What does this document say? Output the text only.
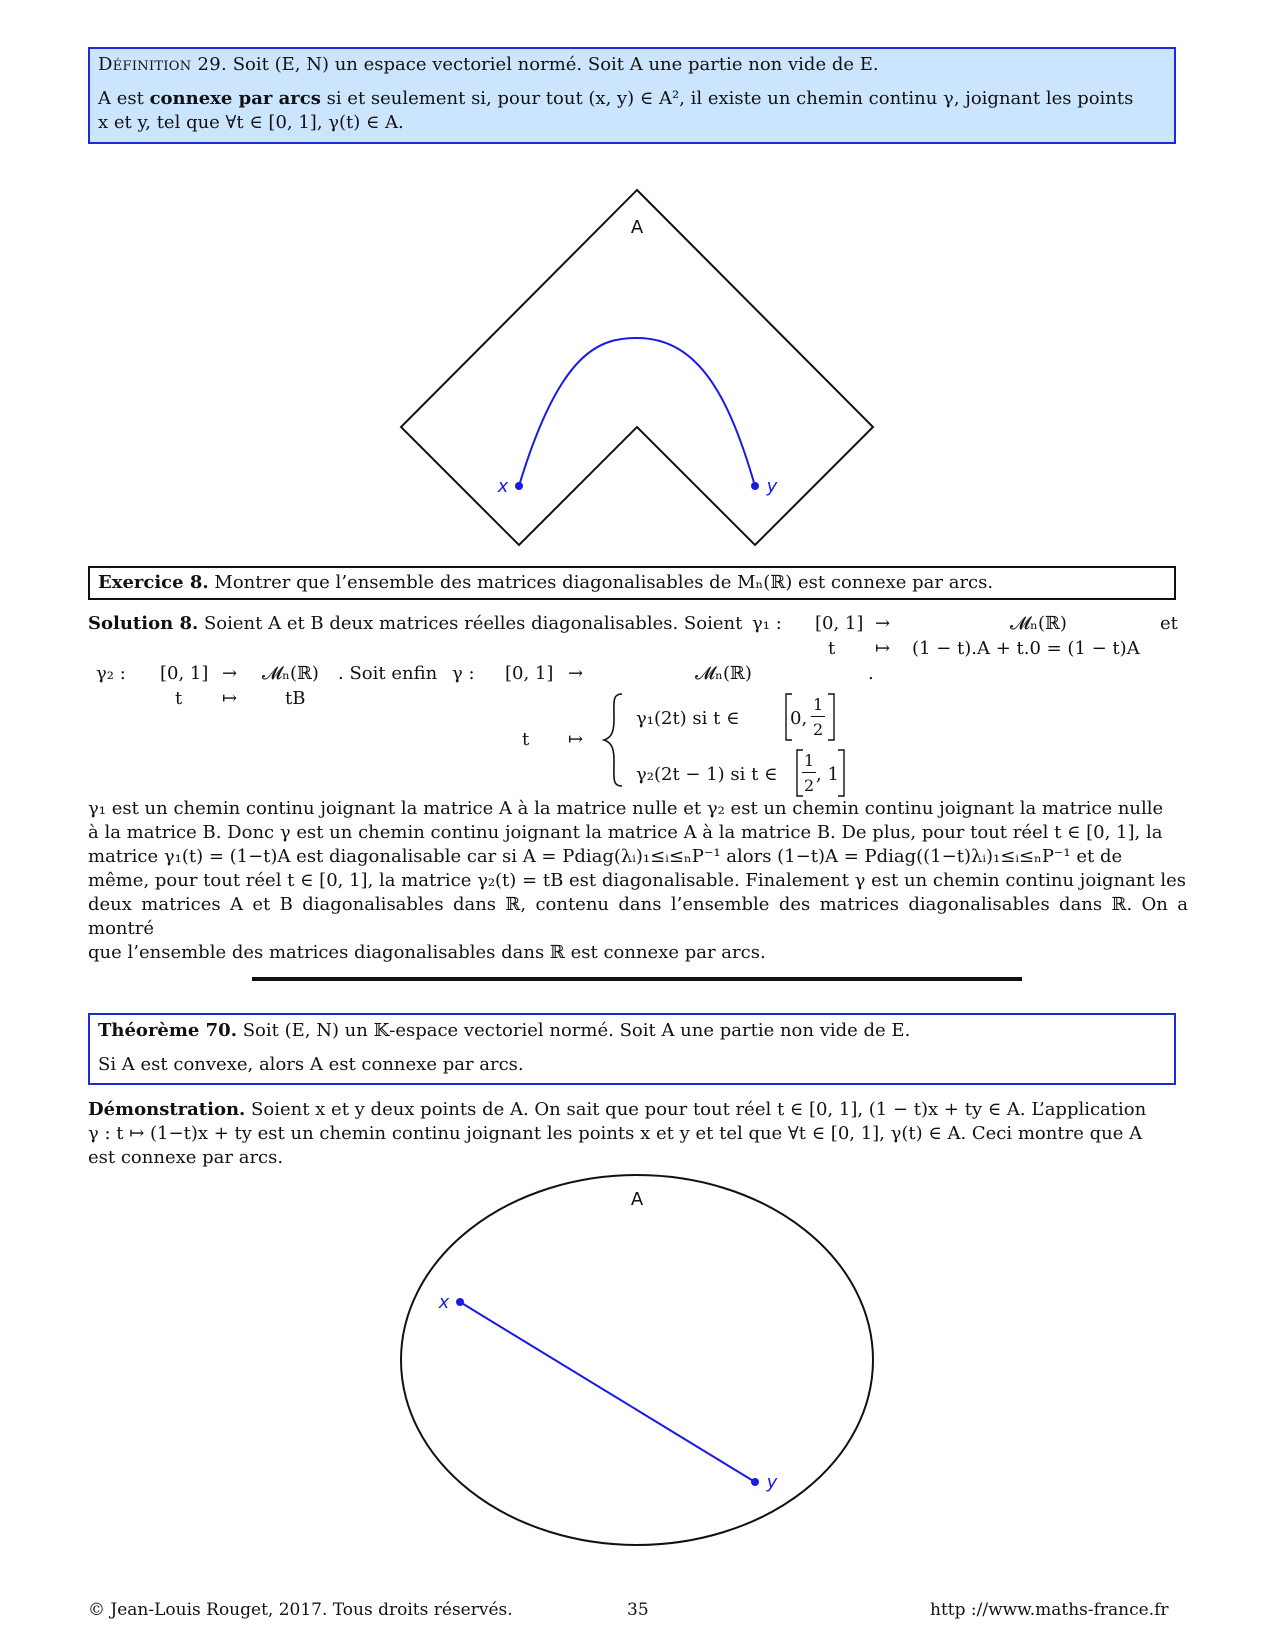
Définition 29. Soit (E, N) un espace vectoriel normé. Soit A une partie non vide de E.

A est connexe par arcs si et seulement si, pour tout (x, y) ∈ A², il existe un chemin continu γ, joignant les points

x et y, tel que ∀t ∈ [0, 1], γ(t) ∈ A.

A
x	y
Exercice 8. Montrer que l’ensemble des matrices diagonalisables de Mₙ(ℝ) est connexe par arcs.
Solution 8. Soient A et B deux matrices réelles diagonalisables. Soient γ₁ : [0, 1] →	𝓜ₙ(ℝ)	et
t ↦ (1 − t).A + t.0 = (1 − t)A
γ₂ : [0, 1] → 𝓜ₙ(ℝ) . Soit enfin γ : [0, 1] →	𝓜ₙ(ℝ)	.
t ↦	tB
t ↦
γ₁(2t) si t ∈	0,
1
2
γ₂(2t − 1) si t ∈
1
2
, 1
γ₁ est un chemin continu joignant la matrice A à la matrice nulle et γ₂ est un chemin continu joignant la matrice nulle
à la matrice B. Donc γ est un chemin continu joignant la matrice A à la matrice B. De plus, pour tout réel t ∈ [0, 1], la
matrice γ₁(t) = (1−t)A est diagonalisable car si A = Pdiag(λᵢ)₁≤ᵢ≤ₙP⁻¹ alors (1−t)A = Pdiag((1−t)λᵢ)₁≤ᵢ≤ₙP⁻¹ et de
même, pour tout réel t ∈ [0, 1], la matrice γ₂(t) = tB est diagonalisable. Finalement γ est un chemin continu joignant les
deux matrices A et B diagonalisables dans ℝ, contenu dans l’ensemble des matrices diagonalisables dans ℝ. On a montré
que l’ensemble des matrices diagonalisables dans ℝ est connexe par arcs.

Théorème 70. Soit (E, N) un 𝕂-espace vectoriel normé. Soit A une partie non vide de E.

Si A est convexe, alors A est connexe par arcs.

Démonstration. Soient x et y deux points de A. On sait que pour tout réel t ∈ [0, 1], (1 − t)x + ty ∈ A. L’application
γ : t ↦ (1−t)x + ty est un chemin continu joignant les points x et y et tel que ∀t ∈ [0, 1], γ(t) ∈ A. Ceci montre que A
est connexe par arcs.
A
x
y
© Jean-Louis Rouget, 2017. Tous droits réservés.	35	http ://www.maths-france.fr
